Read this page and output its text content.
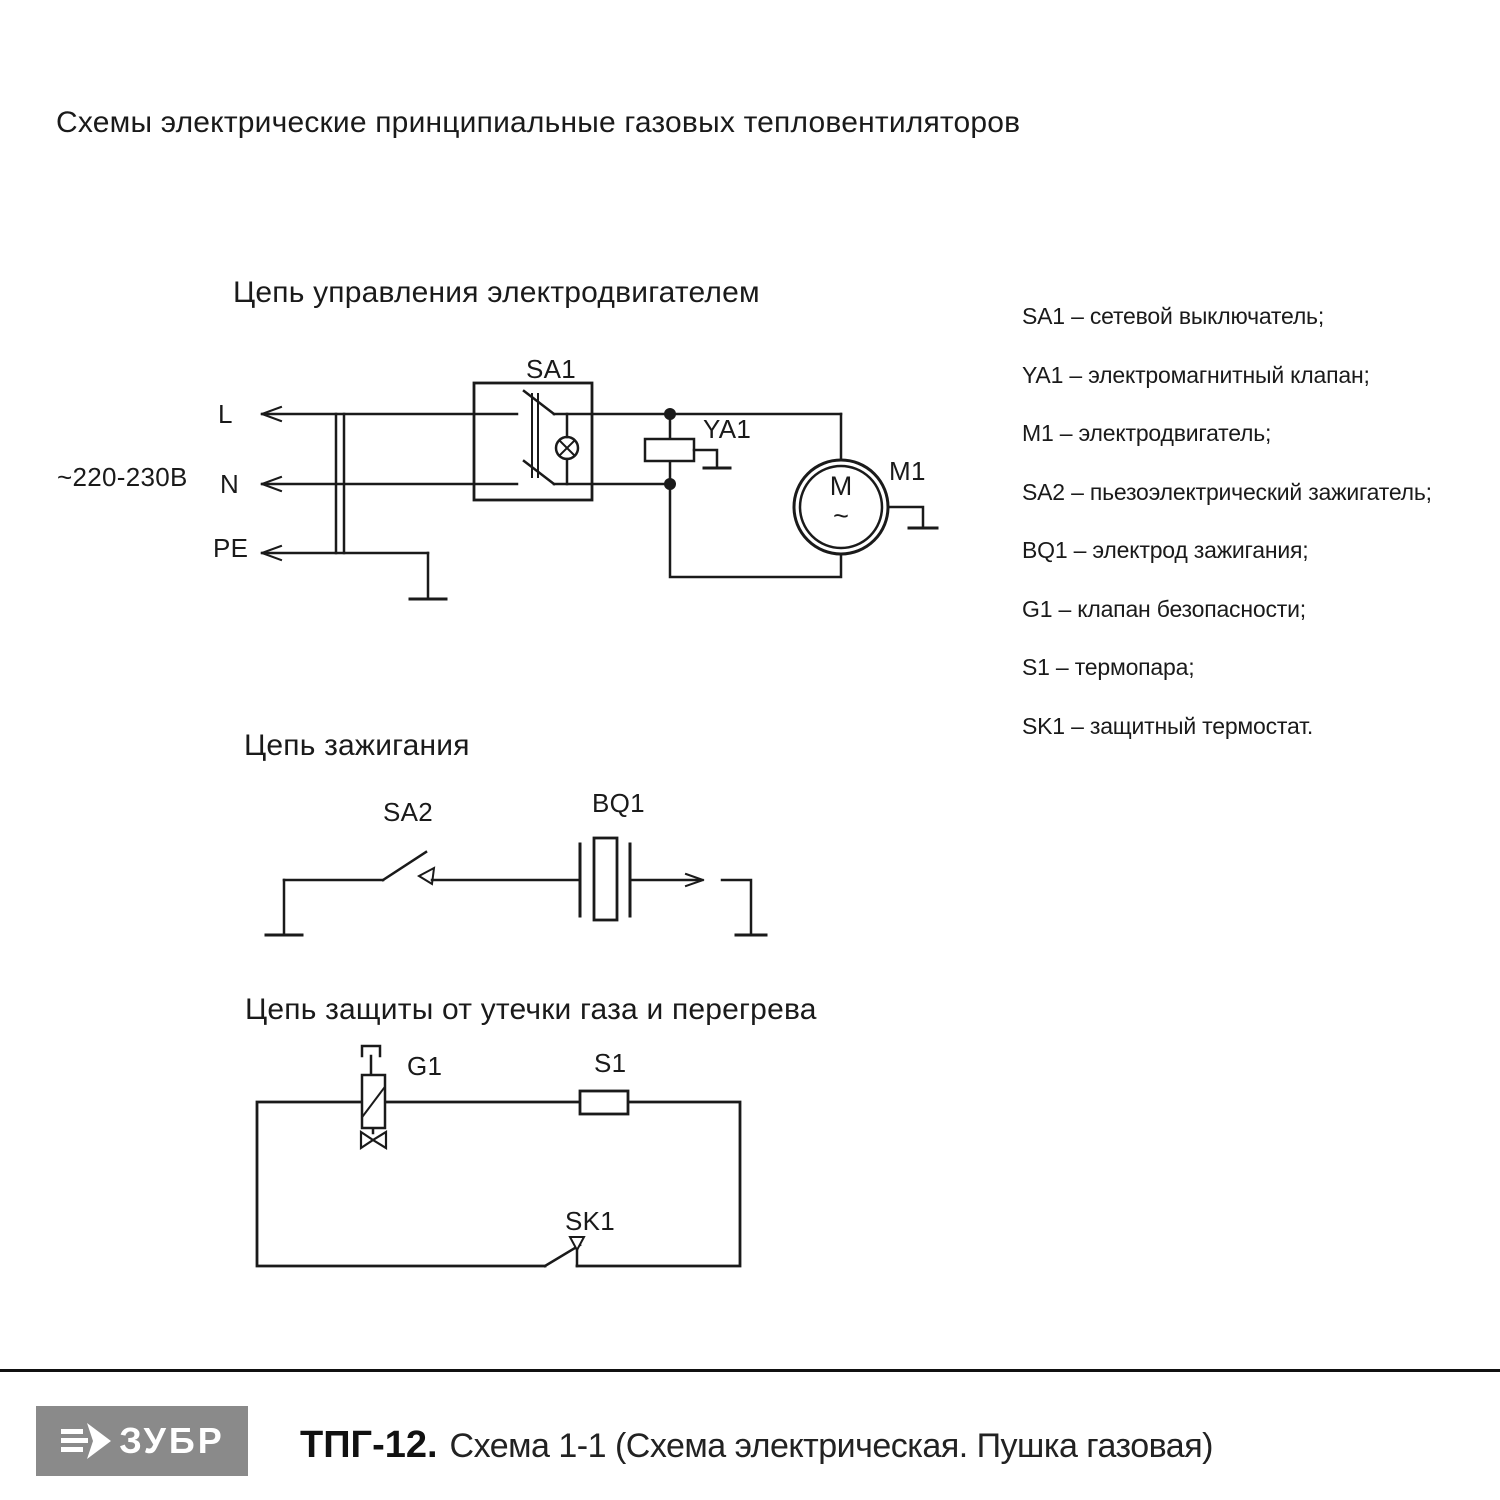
Схемы электрические принципиальные газовых тепловентиляторов
Цепь управления электродвигателем
~220-230В
L
N
PE
SA1
YA1
M1
M
~
Цепь зажигания
SA2	BQ1
Цепь защиты от утечки газа и перегрева
G1	S1
SK1
SA1 – сетевой выключатель;
YA1 – электромагнитный клапан;
M1 – электродвигатель;
SA2 – пьезоэлектрический зажигатель;
BQ1 – электрод зажигания;
G1 – клапан безопасности;
S1 – термопара;
SK1 – защитный термостат.
ЗУБР ТПГ-12. Схема 1-1 (Схема электрическая. Пушка газовая)
